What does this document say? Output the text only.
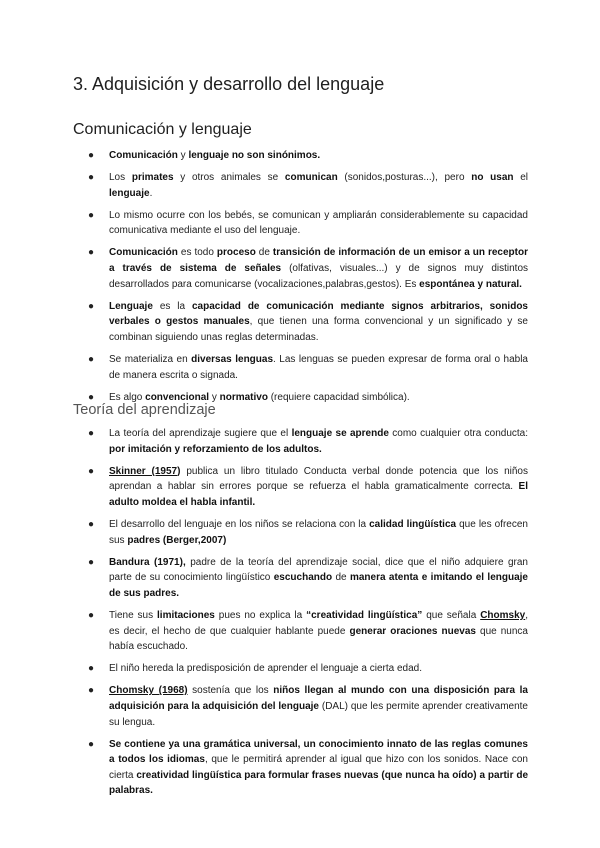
3. Adquisición y desarrollo del lenguaje
Comunicación y lenguaje
●	Comunicación y lenguaje no son sinónimos.
●	Los primates y otros animales se comunican (sonidos,posturas...), pero no usan el lenguaje.
●	Lo mismo ocurre con los bebés, se comunican y ampliarán considerablemente su capacidad comunicativa mediante el uso del lenguaje.
●	Comunicación es todo proceso de transición de información de un emisor a un receptor a través de sistema de señales (olfativas, visuales...) y de signos muy distintos desarrollados para comunicarse (vocalizaciones,palabras,gestos). Es espontánea y natural.
●	Lenguaje es la capacidad de comunicación mediante signos arbitrarios, sonidos verbales o gestos manuales, que tienen una forma convencional y un significado y se combinan siguiendo unas reglas determinadas.
●	Se materializa en diversas lenguas. Las lenguas se pueden expresar de forma oral o habla de manera escrita o signada.
●	Es algo convencional y normativo (requiere capacidad simbólica).
Teoría del aprendizaje
●	La teoría del aprendizaje sugiere que el lenguaje se aprende como cualquier otra conducta: por imitación y reforzamiento de los adultos.
●	Skinner (1957) publica un libro titulado Conducta verbal donde potencia que los niños aprendan a hablar sin errores porque se refuerza el habla gramaticalmente correcta. El adulto moldea el habla infantil.
●	El desarrollo del lenguaje en los niños se relaciona con la calidad lingüística que les ofrecen sus padres (Berger,2007)
●	Bandura (1971), padre de la teoría del aprendizaje social, dice que el niño adquiere gran parte de su conocimiento lingüístico escuchando de manera atenta e imitando el lenguaje de sus padres.
●	Tiene sus limitaciones pues no explica la “creatividad lingüística” que señala Chomsky, es decir, el hecho de que cualquier hablante puede generar oraciones nuevas que nunca había escuchado.
●	El niño hereda la predisposición de aprender el lenguaje a cierta edad.
●	Chomsky (1968) sostenía que los niños llegan al mundo con una disposición para la adquisición para la adquisición del lenguaje (DAL) que les permite aprender creativamente su lengua.
●	Se contiene ya una gramática universal, un conocimiento innato de las reglas comunes a todos los idiomas, que le permitirá aprender al igual que hizo con los sonidos. Nace con cierta creatividad lingüística para formular frases nuevas (que nunca ha oído) a partir de palabras.
